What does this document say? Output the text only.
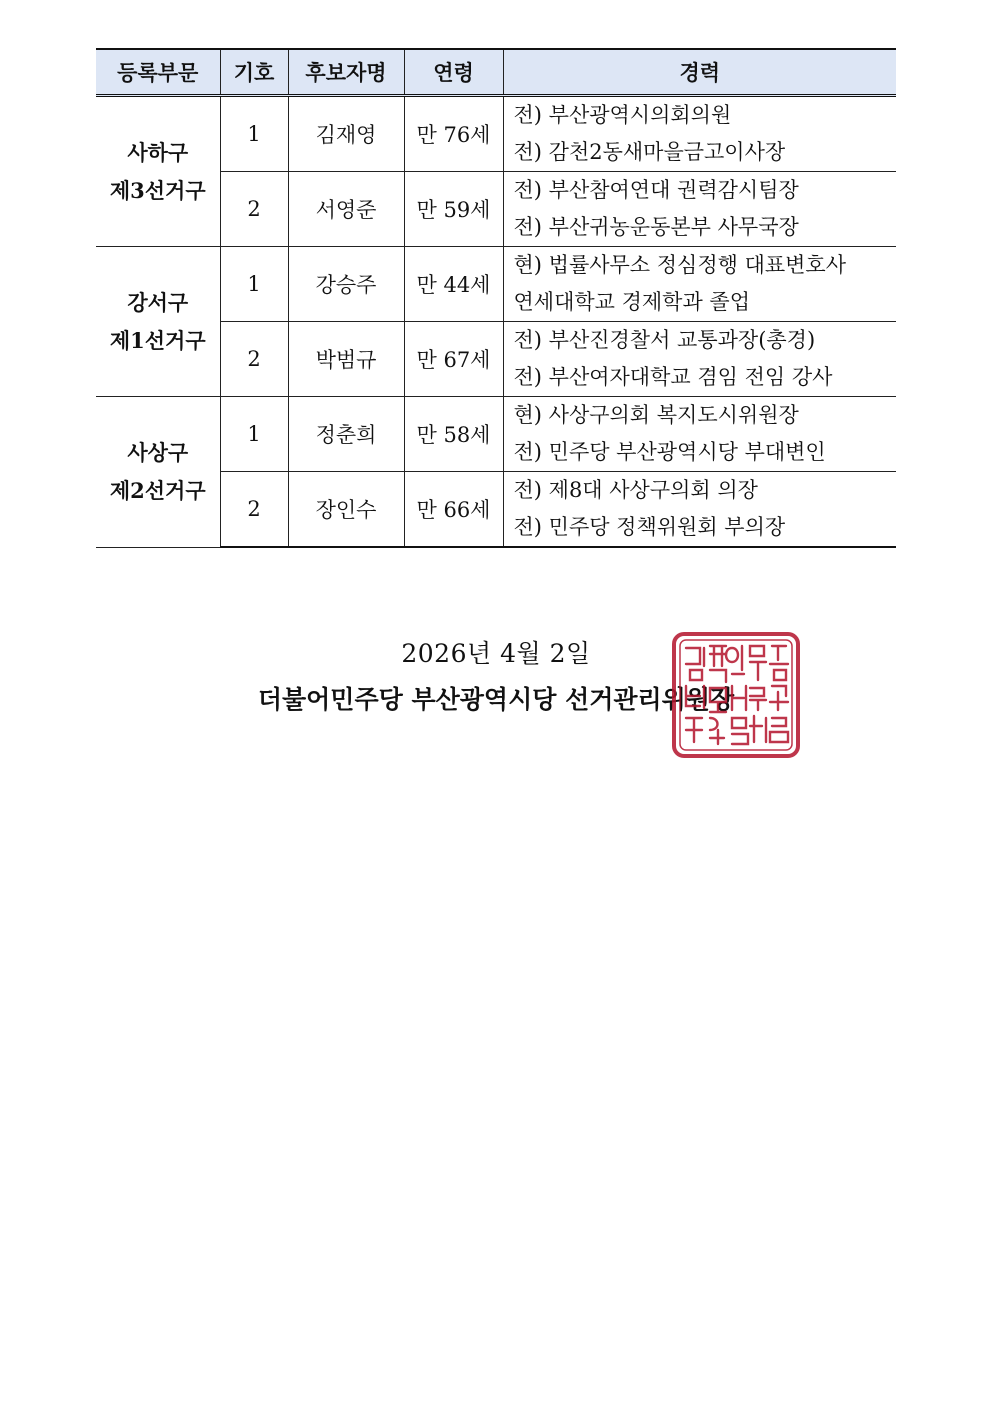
등록부문	기호	후보자명	연령	경력

사하구
제3선거구	1	김재영	만 76세	전) 부산광역시의회의원
전) 감천2동새마을금고이사장

	2	서영준	만 59세	전) 부산참여연대 권력감시팀장
전) 부산귀농운동본부 사무국장

강서구
제1선거구	1	강승주	만 44세	현) 법률사무소 정심정행 대표변호사
연세대학교 경제학과 졸업

	2	박범규	만 67세	전) 부산진경찰서 교통과장(총경)
전) 부산여자대학교 겸임 전임 강사

사상구
제2선거구	1	정춘희	만 58세	현) 사상구의회 복지도시위원장
전) 민주당 부산광역시당 부대변인

	2	장인수	만 66세	전) 제8대 사상구의회 의장
전) 민주당 정책위원회 부의장
2026년 4월 2일
더불어민주당 부산광역시당 선거관리위원장
